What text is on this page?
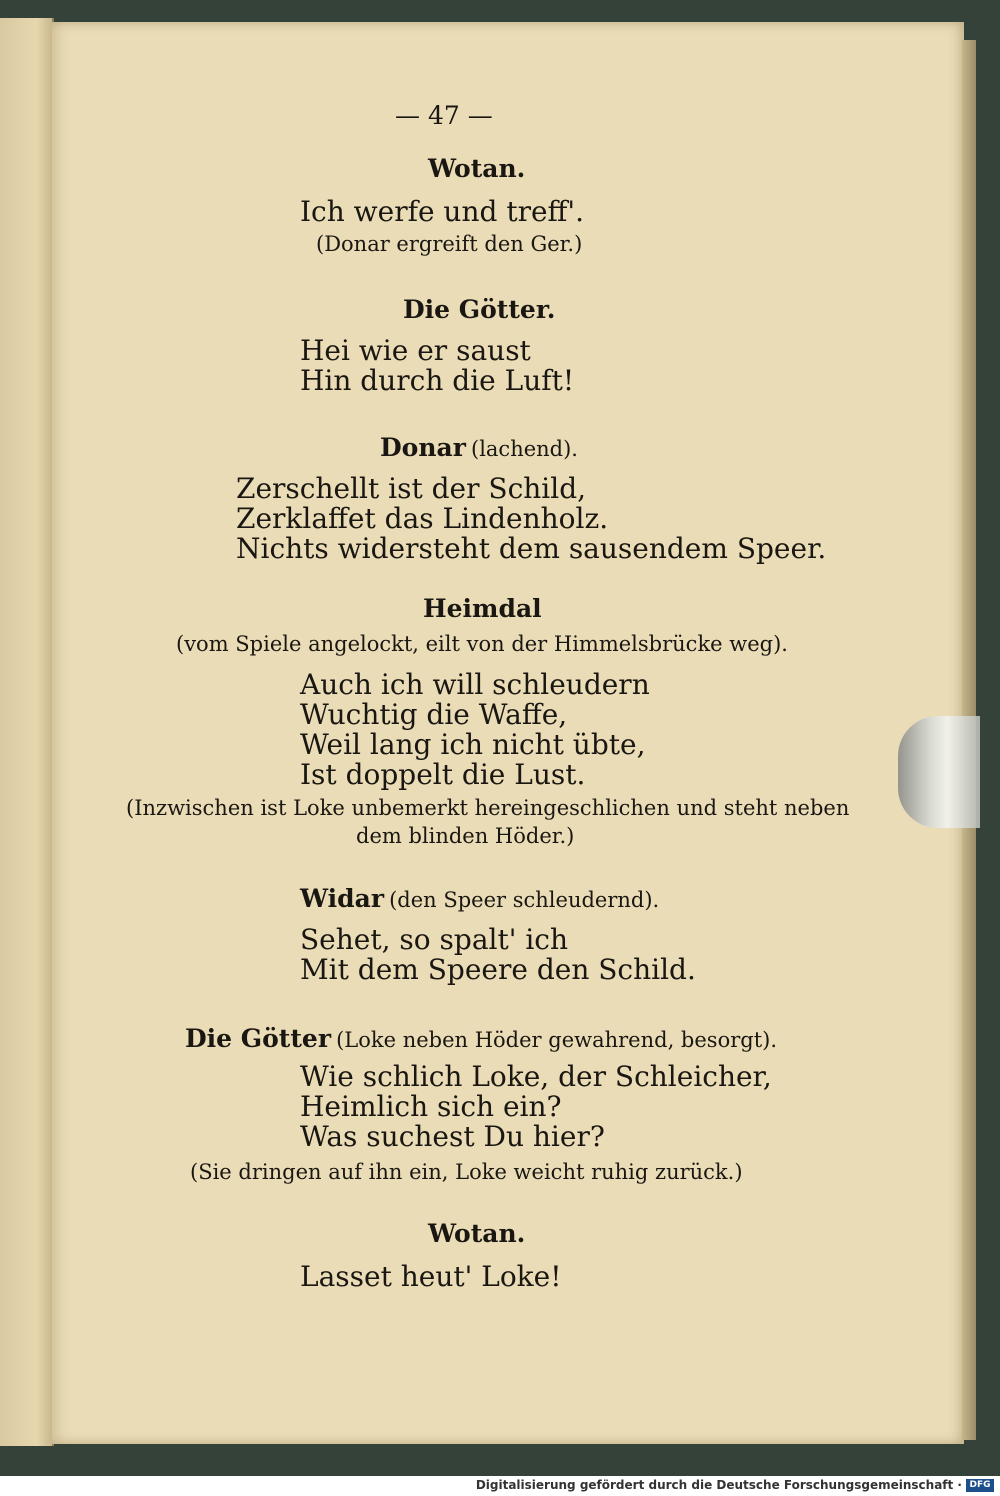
— 47 —
Wotan.
Ich werfe und treff'.
(Donar ergreift den Ger.)
Die Götter.
Hei wie er saust
Hin durch die Luft!
Donar (lachend).
Zerschellt ist der Schild,
Zerklaffet das Lindenholz.
Nichts widersteht dem sausendem Speer.
Heimdal
(vom Spiele angelockt, eilt von der Himmelsbrücke weg).
Auch ich will schleudern
Wuchtig die Waffe,
Weil lang ich nicht übte,
Ist doppelt die Lust.
(Inzwischen ist Loke unbemerkt hereingeschlichen und steht neben
dem blinden Höder.)
Widar (den Speer schleudernd).
Sehet, so spalt' ich
Mit dem Speere den Schild.
Die Götter (Loke neben Höder gewahrend, besorgt).
Wie schlich Loke, der Schleicher,
Heimlich sich ein?
Was suchest Du hier?
(Sie dringen auf ihn ein, Loke weicht ruhig zurück.)
Wotan.
Lasset heut' Loke!
Digitalisierung gefördert durch die Deutsche Forschungsgemeinschaft · DFG
